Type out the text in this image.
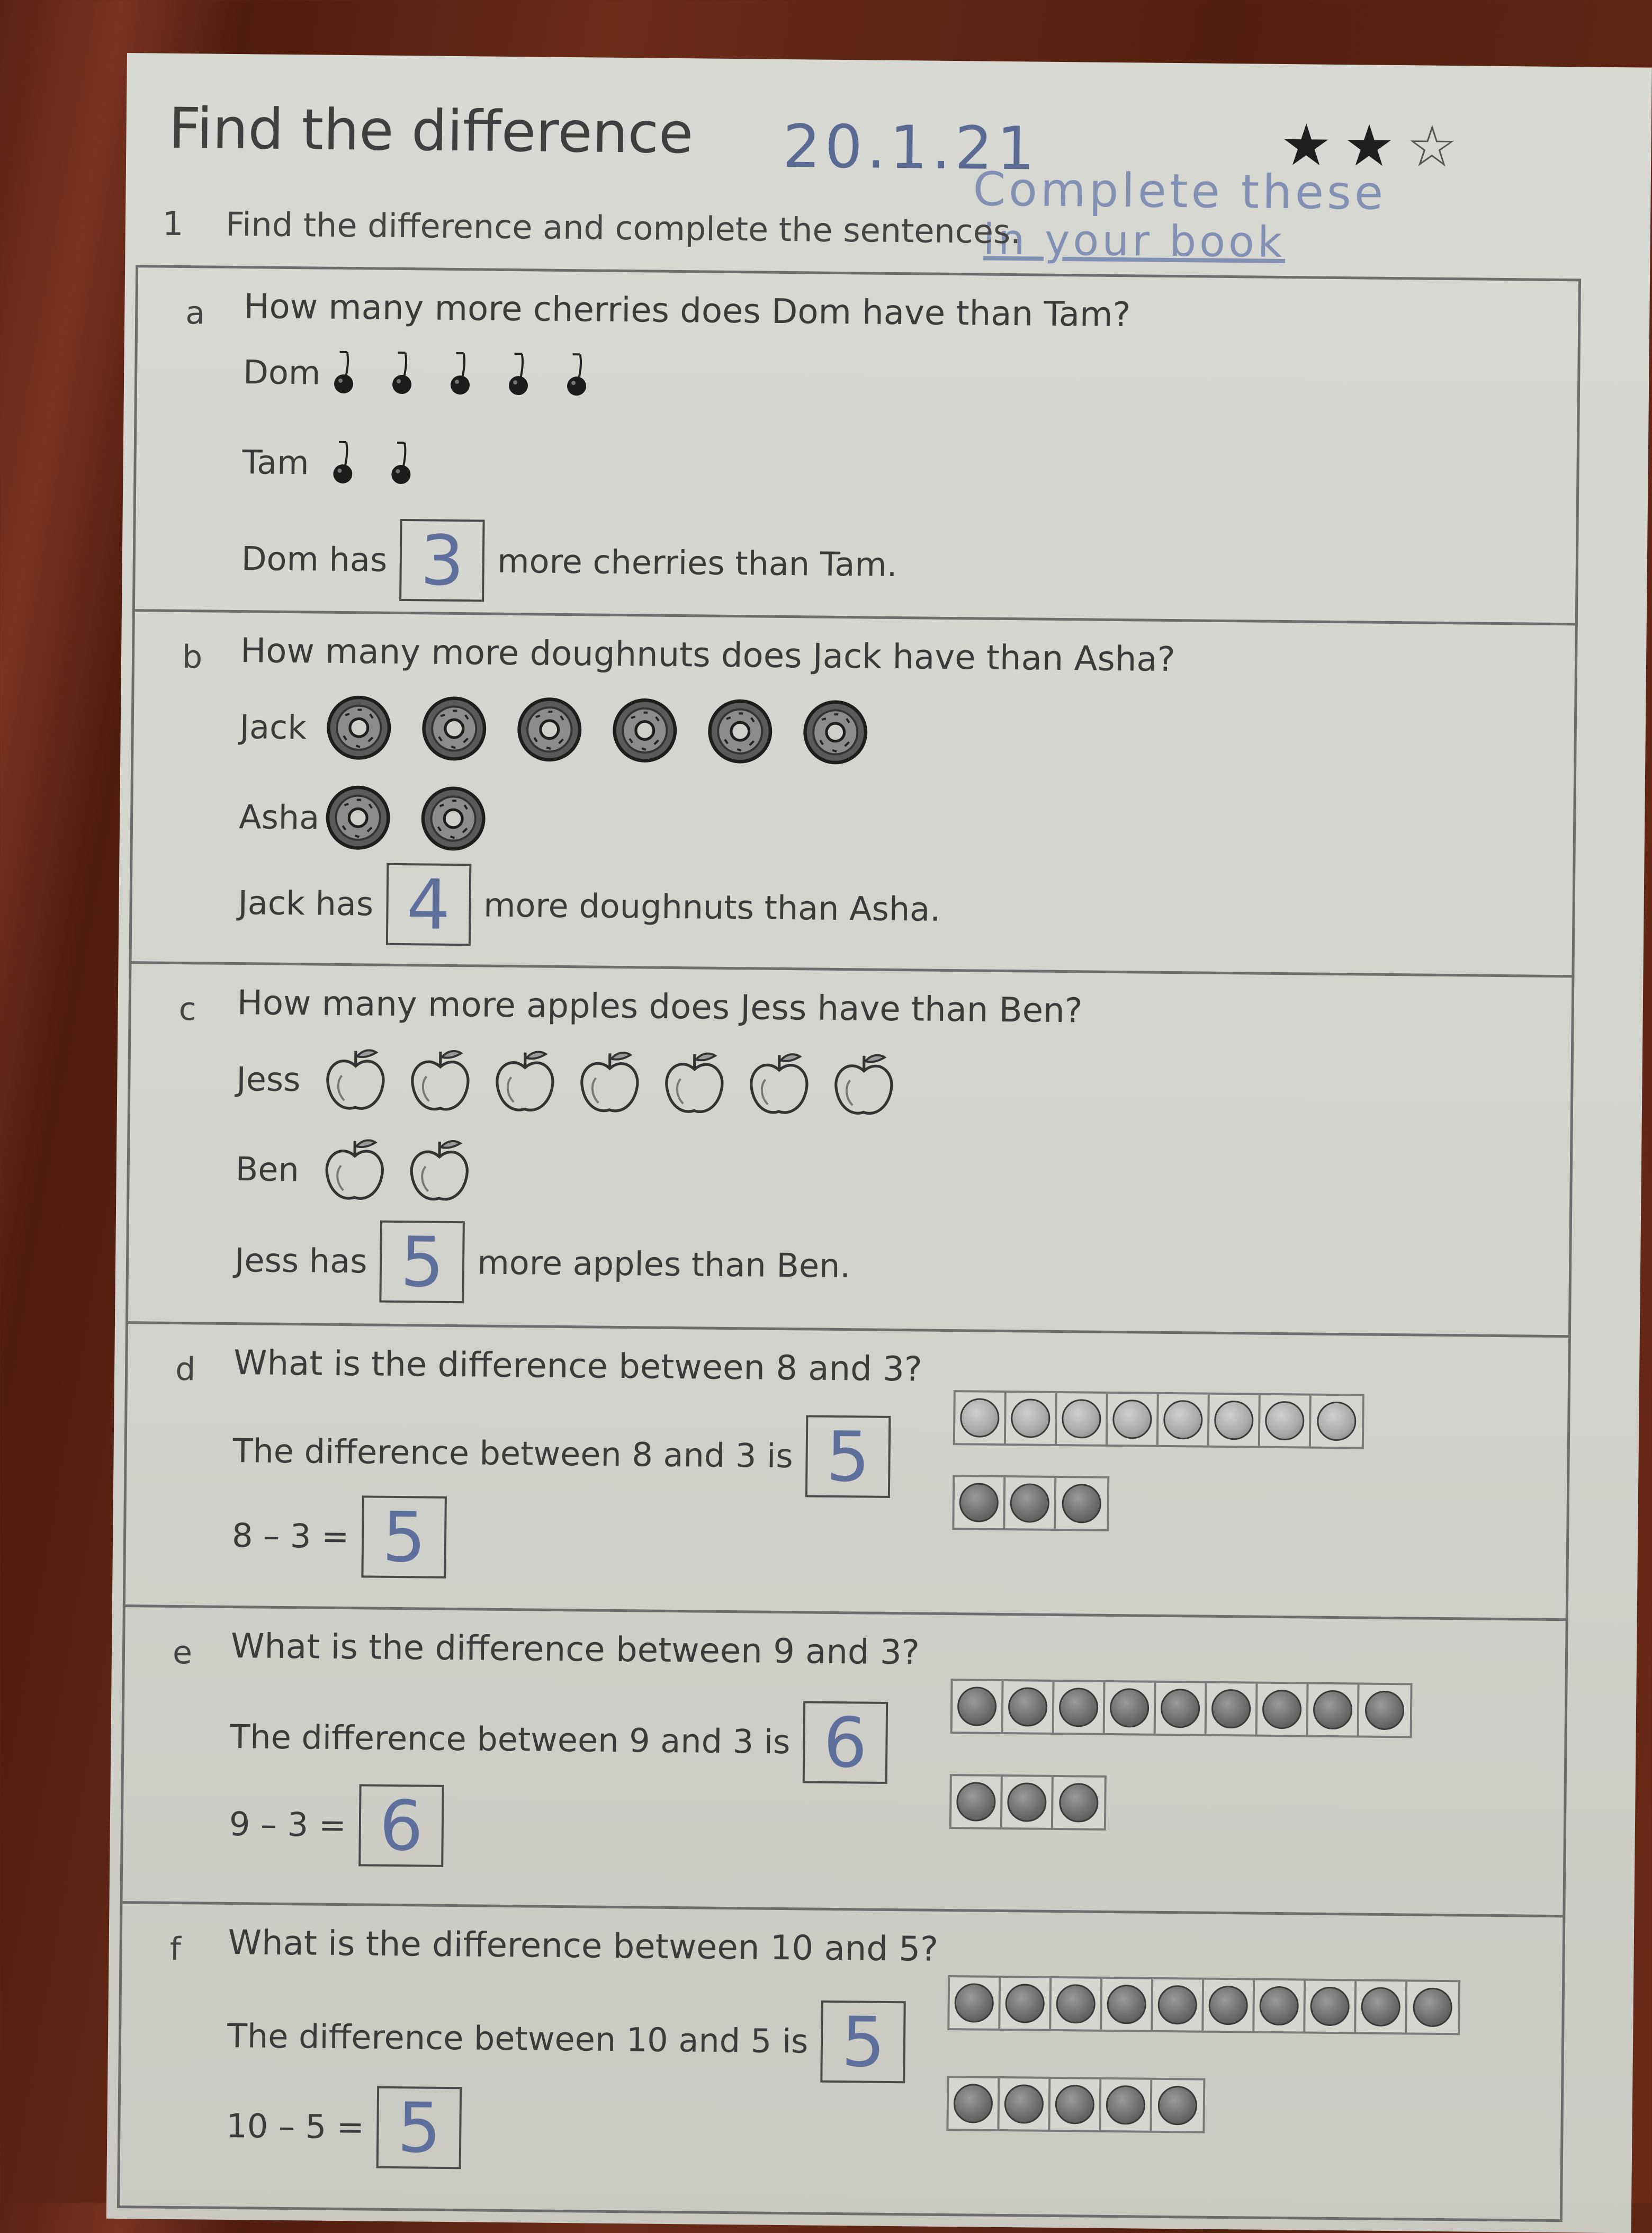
Find the difference 20.1.21	★ ★ ☆
Complete these
in your book
1 Find the difference and complete the sentences.
a How many more cherries does Dom have than Tam?
Dom
Tam
Dom has 3 more cherries than Tam.
b How many more doughnuts does Jack have than Asha?
Jack
Asha
Jack has 4 more doughnuts than Asha.
c How many more apples does Jess have than Ben?
Jess
Ben
Jess has 5 more apples than Ben.
d What is the difference between 8 and 3?
The difference between 8 and 3 is 5
8 – 3 = 5
e What is the difference between 9 and 3?
The difference between 9 and 3 is 6
9 – 3 = 6
f What is the difference between 10 and 5?
The difference between 10 and 5 is 5
10 – 5 = 5
